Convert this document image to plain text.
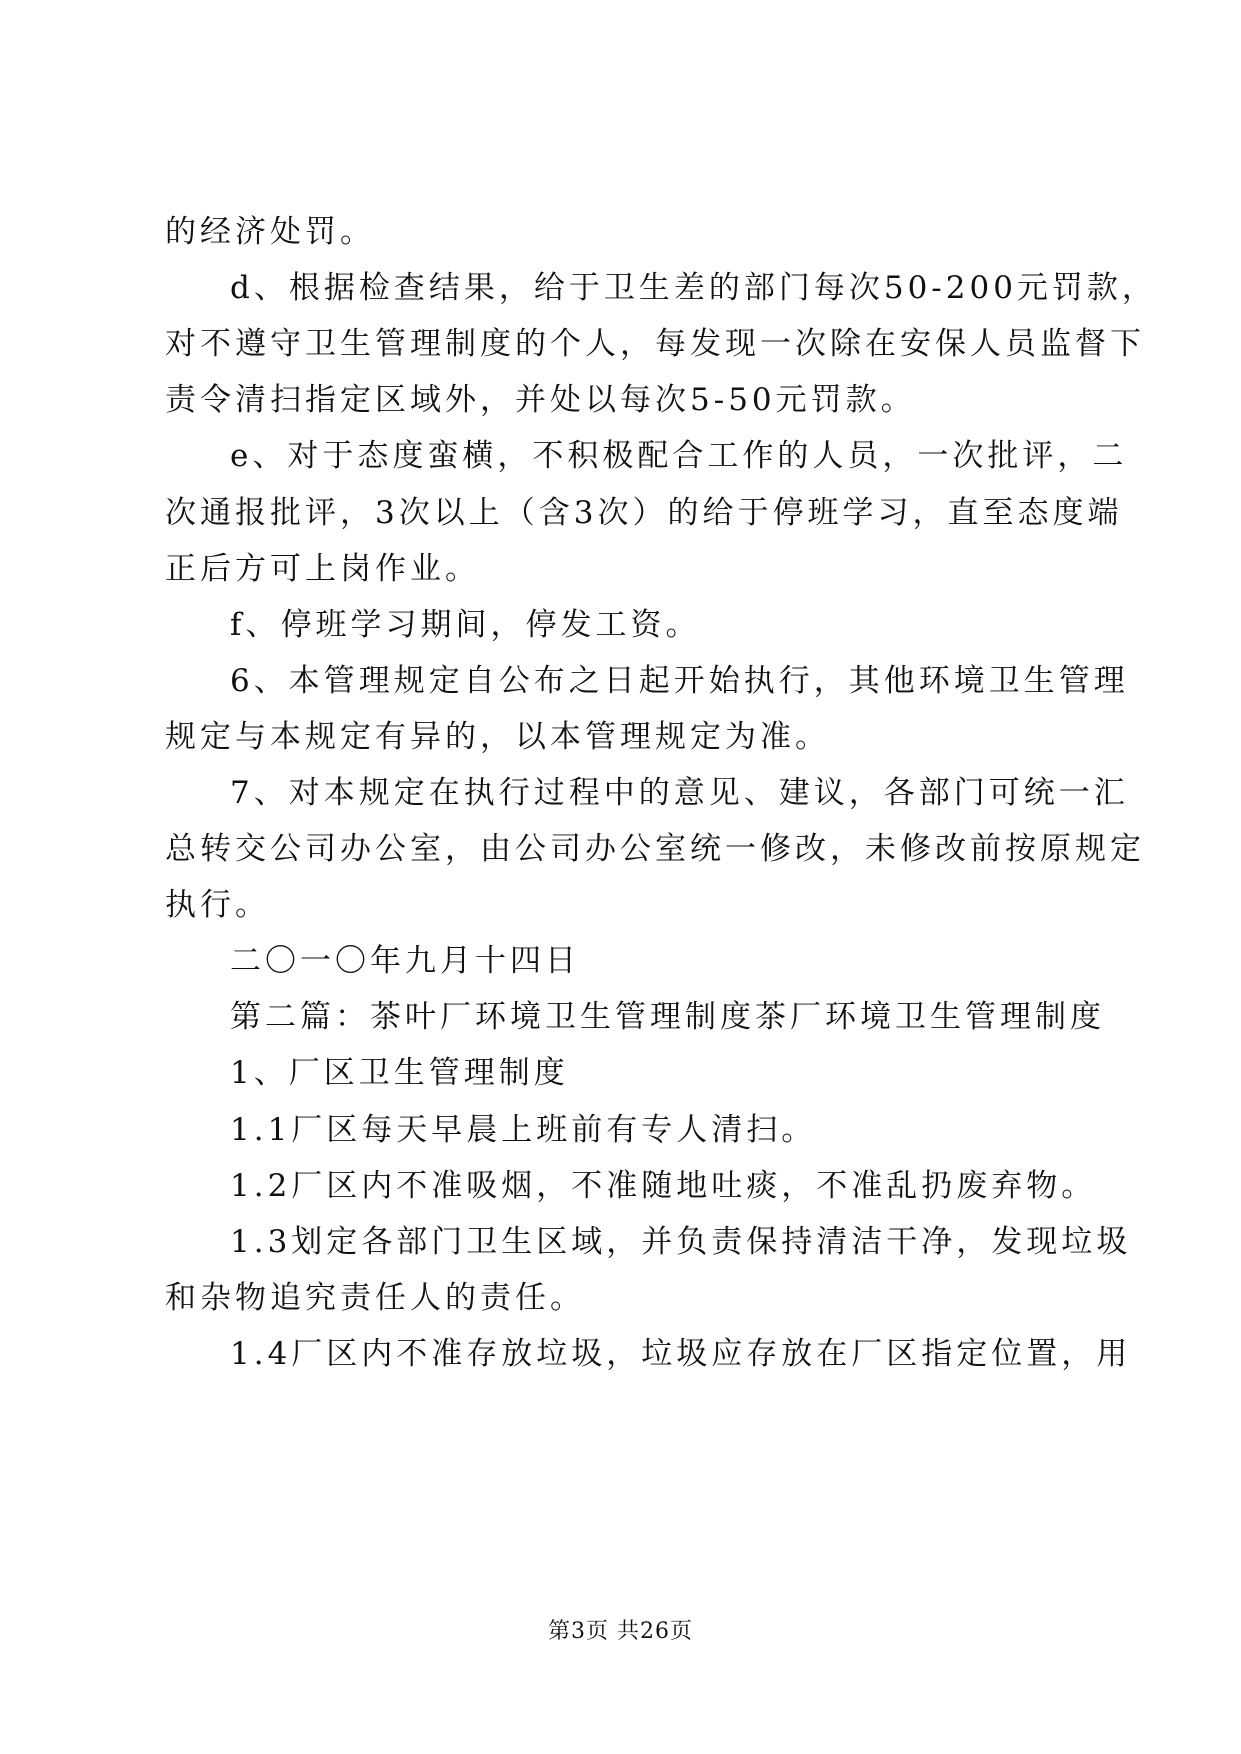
的经济处罚。
d、根据检查结果，给于卫生差的部门每次50-200元罚款，
对不遵守卫生管理制度的个人，每发现一次除在安保人员监督下
责令清扫指定区域外，并处以每次5-50元罚款。
e、对于态度蛮横，不积极配合工作的人员，一次批评，二
次通报批评，3次以上（含3次）的给于停班学习，直至态度端
正后方可上岗作业。
f、停班学习期间，停发工资。
6、本管理规定自公布之日起开始执行，其他环境卫生管理
规定与本规定有异的，以本管理规定为准。
7、对本规定在执行过程中的意见、建议，各部门可统一汇
总转交公司办公室，由公司办公室统一修改，未修改前按原规定
执行。
二〇一〇年九月十四日
第二篇：茶叶厂环境卫生管理制度茶厂环境卫生管理制度
1、厂区卫生管理制度
1.1厂区每天早晨上班前有专人清扫。
1.2厂区内不准吸烟，不准随地吐痰，不准乱扔废弃物。
1.3划定各部门卫生区域，并负责保持清洁干净，发现垃圾
和杂物追究责任人的责任。
1.4厂区内不准存放垃圾，垃圾应存放在厂区指定位置，用
第3页 共26页
